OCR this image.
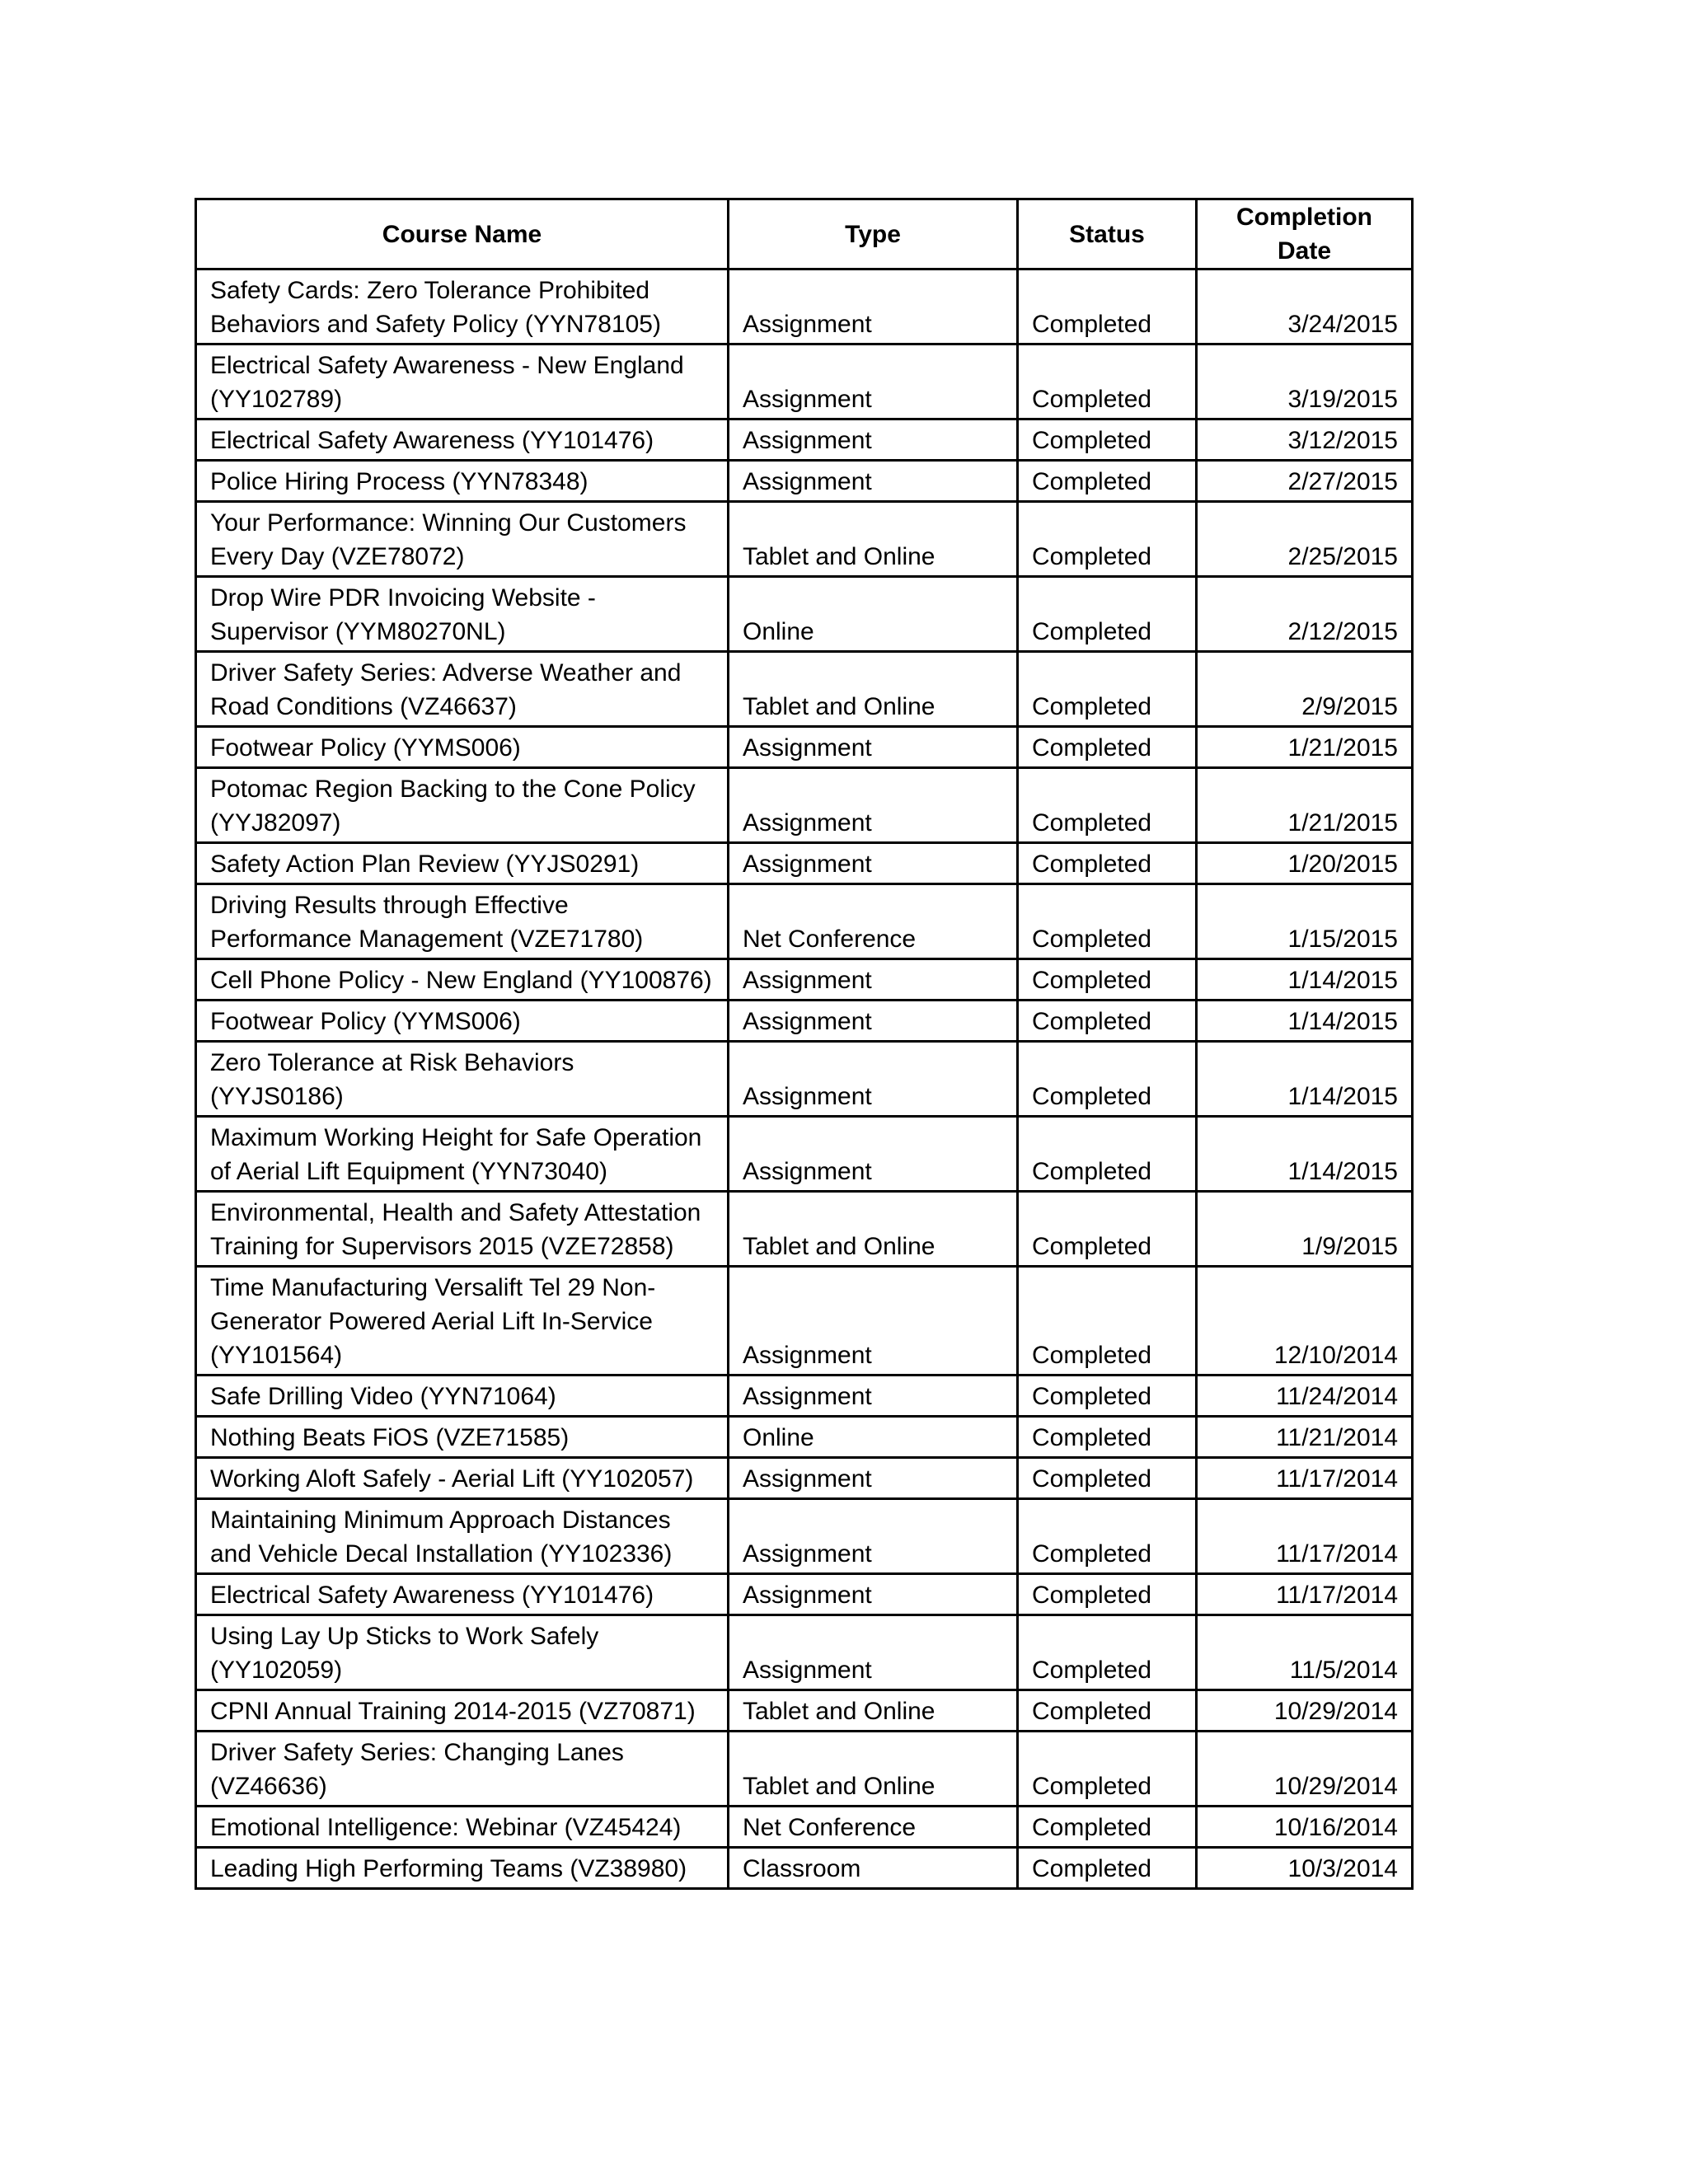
Course Name	Type	Status	Completion Date
Safety Cards: Zero Tolerance Prohibited Behaviors and Safety Policy (YYN78105)	Assignment	Completed	3/24/2015
Electrical Safety Awareness - New England (YY102789)	Assignment	Completed	3/19/2015
Electrical Safety Awareness (YY101476)	Assignment	Completed	3/12/2015
Police Hiring Process (YYN78348)	Assignment	Completed	2/27/2015
Your Performance: Winning Our Customers Every Day (VZE78072)	Tablet and Online	Completed	2/25/2015
Drop Wire PDR Invoicing Website - Supervisor (YYM80270NL)	Online	Completed	2/12/2015
Driver Safety Series: Adverse Weather and Road Conditions (VZ46637)	Tablet and Online	Completed	2/9/2015
Footwear Policy (YYMS006)	Assignment	Completed	1/21/2015
Potomac Region Backing to the Cone Policy (YYJ82097)	Assignment	Completed	1/21/2015
Safety Action Plan Review (YYJS0291)	Assignment	Completed	1/20/2015
Driving Results through Effective Performance Management (VZE71780)	Net Conference	Completed	1/15/2015
Cell Phone Policy - New England (YY100876)	Assignment	Completed	1/14/2015
Footwear Policy (YYMS006)	Assignment	Completed	1/14/2015
Zero Tolerance at Risk Behaviors (YYJS0186)	Assignment	Completed	1/14/2015
Maximum Working Height for Safe Operation of Aerial Lift Equipment (YYN73040)	Assignment	Completed	1/14/2015
Environmental, Health and Safety Attestation Training for Supervisors 2015 (VZE72858)	Tablet and Online	Completed	1/9/2015
Time Manufacturing Versalift Tel 29 Non-Generator Powered Aerial Lift In-Service (YY101564)	Assignment	Completed	12/10/2014
Safe Drilling Video (YYN71064)	Assignment	Completed	11/24/2014
Nothing Beats FiOS (VZE71585)	Online	Completed	11/21/2014
Working Aloft Safely - Aerial Lift (YY102057)	Assignment	Completed	11/17/2014
Maintaining Minimum Approach Distances and Vehicle Decal Installation (YY102336)	Assignment	Completed	11/17/2014
Electrical Safety Awareness (YY101476)	Assignment	Completed	11/17/2014
Using Lay Up Sticks to Work Safely (YY102059)	Assignment	Completed	11/5/2014
CPNI Annual Training 2014-2015 (VZ70871)	Tablet and Online	Completed	10/29/2014
Driver Safety Series: Changing Lanes (VZ46636)	Tablet and Online	Completed	10/29/2014
Emotional Intelligence: Webinar (VZ45424)	Net Conference	Completed	10/16/2014
Leading High Performing Teams (VZ38980)	Classroom	Completed	10/3/2014
